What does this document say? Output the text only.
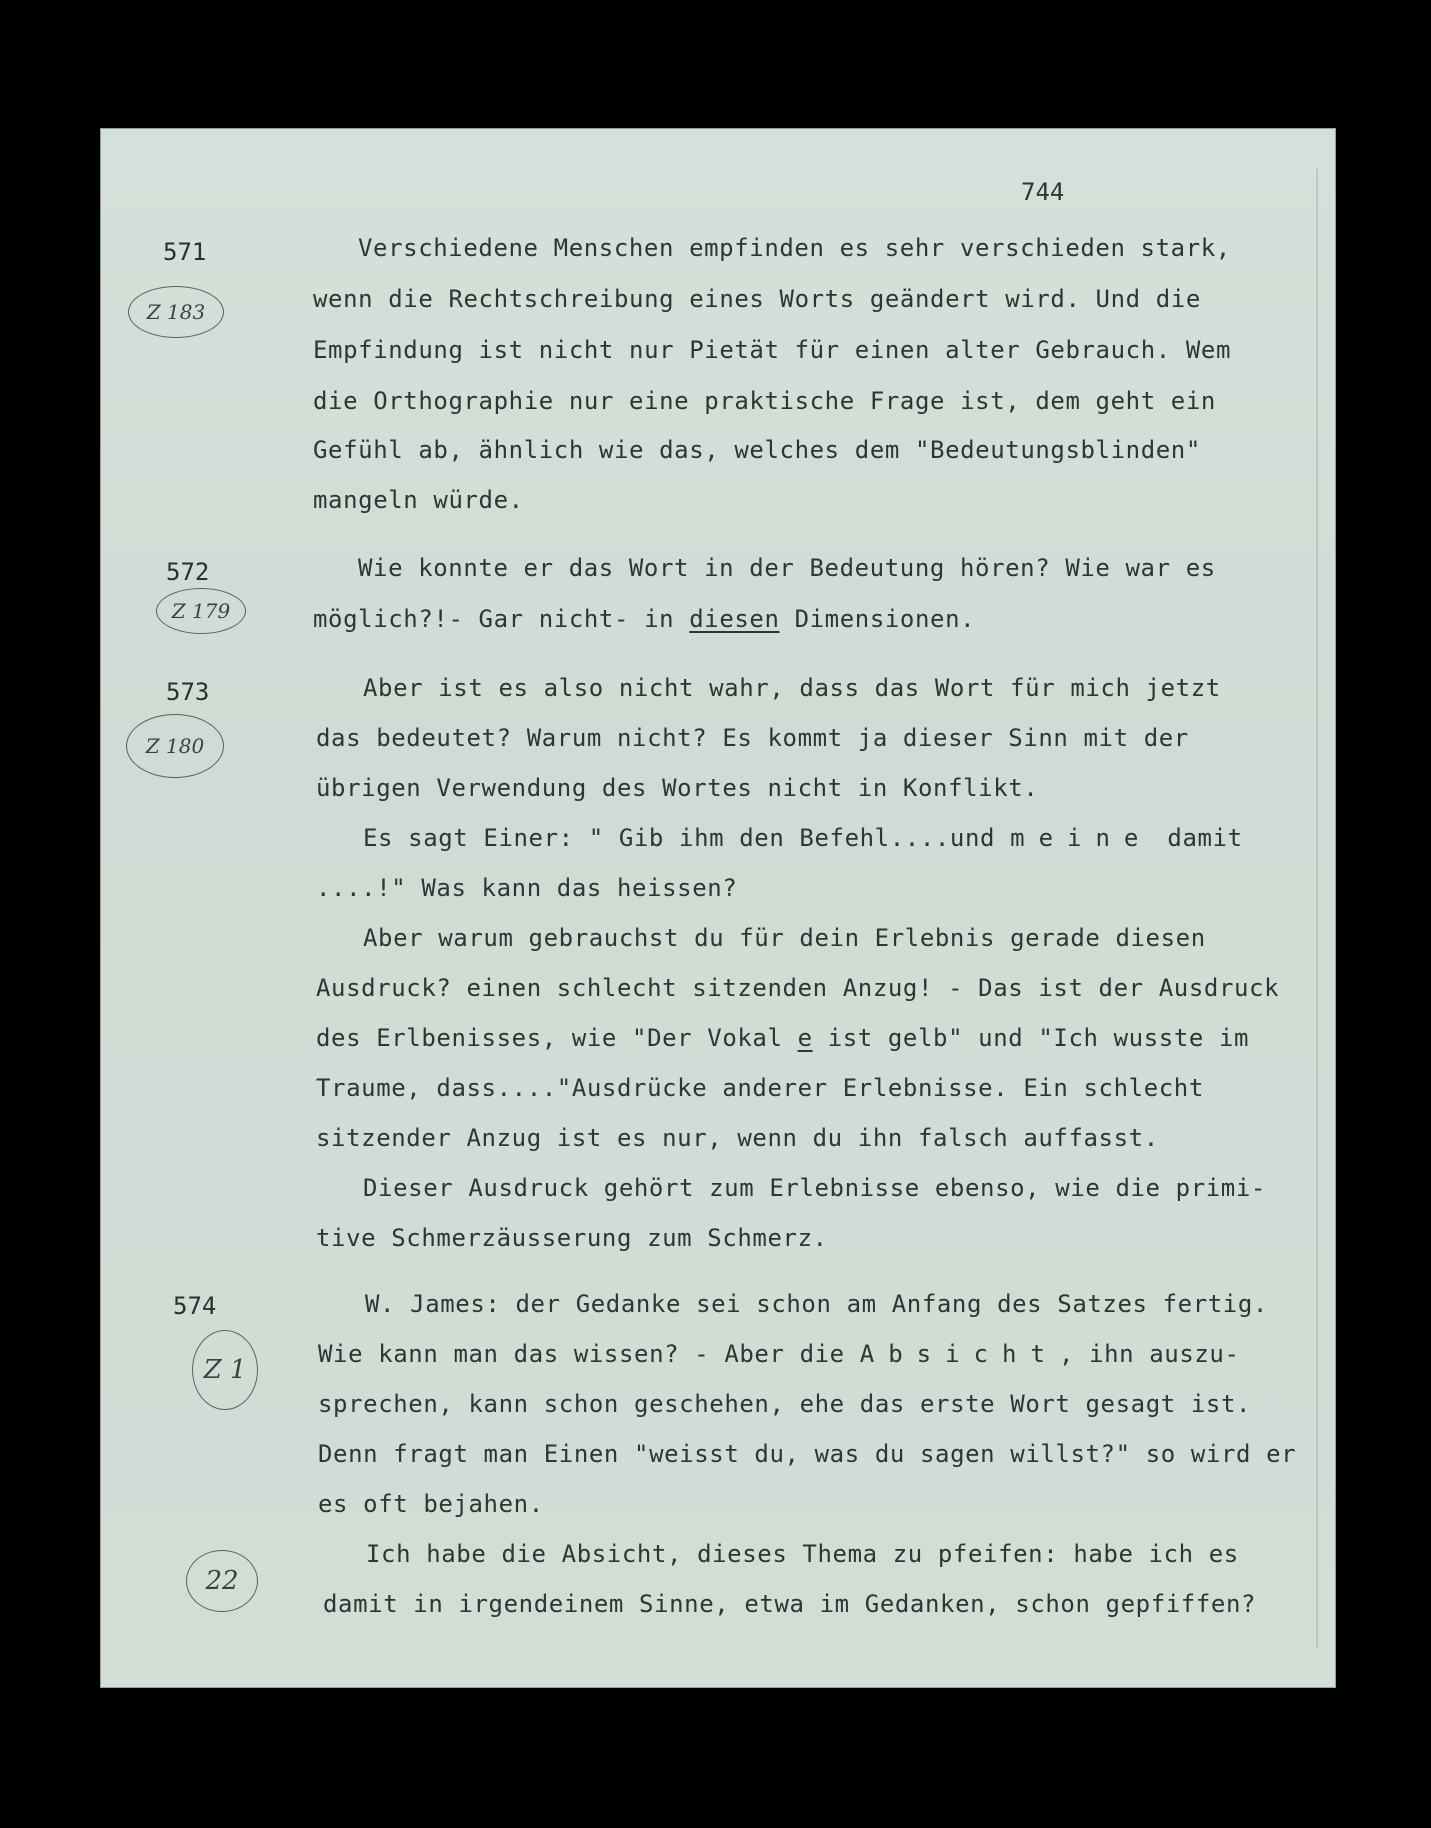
744
571
Z 183
Verschiedene Menschen empfinden es sehr verschieden stark,
wenn die Rechtschreibung eines Worts geändert wird. Und die
Empfindung ist nicht nur Pietät für einen alter Gebrauch. Wem
die Orthographie nur eine praktische Frage ist, dem geht ein
Gefühl ab, ähnlich wie das, welches dem "Bedeutungsblinden"
mangeln würde.
572
Z 179
Wie konnte er das Wort in der Bedeutung hören? Wie war es
möglich?!- Gar nicht- in diesen Dimensionen.
573
Z 180
Aber ist es also nicht wahr, dass das Wort für mich jetzt
das bedeutet? Warum nicht? Es kommt ja dieser Sinn mit der
übrigen Verwendung des Wortes nicht in Konflikt.
Es sagt Einer: " Gib ihm den Befehl....und meine damit
....!" Was kann das heissen?
Aber warum gebrauchst du für dein Erlebnis gerade diesen
Ausdruck? einen schlecht sitzenden Anzug! - Das ist der Ausdruck
des Erlbenisses, wie "Der Vokal e ist gelb" und "Ich wusste im
Traume, dass...."Ausdrücke anderer Erlebnisse. Ein schlecht
sitzender Anzug ist es nur, wenn du ihn falsch auffasst.
Dieser Ausdruck gehört zum Erlebnisse ebenso, wie die primi-
tive Schmerzäusserung zum Schmerz.
574
Z 1
22
W. James: der Gedanke sei schon am Anfang des Satzes fertig.
Wie kann man das wissen? - Aber die Absicht, ihn auszu-
sprechen, kann schon geschehen, ehe das erste Wort gesagt ist.
Denn fragt man Einen "weisst du, was du sagen willst?" so wird er
es oft bejahen.
Ich habe die Absicht, dieses Thema zu pfeifen: habe ich es
damit in irgendeinem Sinne, etwa im Gedanken, schon gepfiffen?
